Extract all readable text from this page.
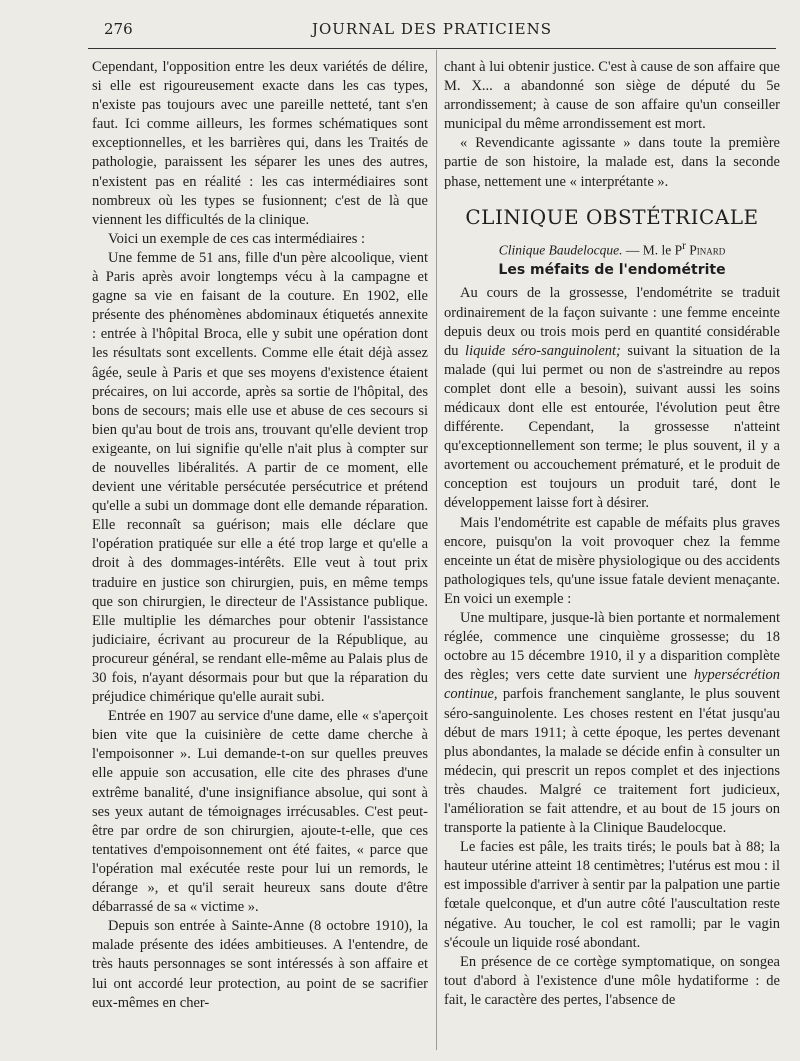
276	JOURNAL DES PRATICIENS

Cependant, l'opposition entre les deux variétés de délire, si elle est rigoureusement exacte dans les cas types, n'existe pas toujours avec une pareille netteté, tant s'en faut. Ici comme ailleurs, les formes schématiques sont exceptionnelles, et les barrières qui, dans les Traités de pathologie, paraissent les séparer les unes des autres, n'existent pas en réalité : les cas intermédiaires sont nombreux où les types se fusionnent; c'est de là que viennent les difficultés de la clinique.

Voici un exemple de ces cas intermédiaires :

Une femme de 51 ans, fille d'un père alcoolique, vient à Paris après avoir longtemps vécu à la campagne et gagne sa vie en faisant de la couture. En 1902, elle présente des phénomènes abdominaux étiquetés annexite : entrée à l'hôpital Broca, elle y subit une opération dont les résultats sont excellents. Comme elle était déjà assez âgée, seule à Paris et que ses moyens d'existence étaient précaires, on lui accorde, après sa sortie de l'hôpital, des bons de secours; mais elle use et abuse de ces secours si bien qu'au bout de trois ans, trouvant qu'elle devient trop exigeante, on lui signifie qu'elle n'ait plus à compter sur de nouvelles libéralités. A partir de ce moment, elle devient une véritable persécutée persécutrice et prétend qu'elle a subi un dommage dont elle demande réparation. Elle reconnaît sa guérison; mais elle déclare que l'opération pratiquée sur elle a été trop large et qu'elle a droit à des dommages-intérêts. Elle veut à tout prix traduire en justice son chirurgien, puis, en même temps que son chirurgien, le directeur de l'Assistance publique. Elle multiplie les démarches pour obtenir l'assistance judiciaire, écrivant au procureur de la République, au procureur général, se rendant elle-même au Palais plus de 30 fois, n'ayant désormais pour but que la réparation du préjudice chimérique qu'elle aurait subi.

Entrée en 1907 au service d'une dame, elle « s'aperçoit bien vite que la cuisinière de cette dame cherche à l'empoisonner ». Lui demande-t-on sur quelles preuves elle appuie son accusation, elle cite des phrases d'une extrême banalité, d'une insignifiance absolue, qui sont à ses yeux autant de témoignages irrécusables. C'est peut-être par ordre de son chirurgien, ajoute-t-elle, que ces tentatives d'empoisonnement ont été faites, « parce que l'opération mal exécutée reste pour lui un remords, le dérange », et qu'il serait heureux sans doute d'être débarrassé de sa « victime ».

Depuis son entrée à Sainte-Anne (8 octobre 1910), la malade présente des idées ambitieuses. A l'entendre, de très hauts personnages se sont intéressés à son affaire et lui ont accordé leur protection, au point de se sacrifier eux-mêmes en cher-

chant à lui obtenir justice. C'est à cause de son affaire que M. X... a abandonné son siège de député du 5e arrondissement; à cause de son affaire qu'un conseiller municipal du même arrondissement est mort.

« Revendicante agissante » dans toute la première partie de son histoire, la malade est, dans la seconde phase, nettement une « interprétante ».

CLINIQUE OBSTÉTRICALE

Clinique Baudelocque. — M. le $P^r$ Pinard

Les méfaits de l'endométrite

Au cours de la grossesse, l'endométrite se traduit ordinairement de la façon suivante : une femme enceinte depuis deux ou trois mois perd en quantité considérable du liquide séro-sanguinolent; suivant la situation de la malade (qui lui permet ou non de s'astreindre au repos complet dont elle a besoin), suivant aussi les soins médicaux dont elle est entourée, l'évolution peut être différente. Cependant, la grossesse n'atteint qu'exceptionnellement son terme; le plus souvent, il y a avortement ou accouchement prématuré, et le produit de conception est toujours un produit taré, dont le développement laisse fort à désirer.

Mais l'endométrite est capable de méfaits plus graves encore, puisqu'on la voit provoquer chez la femme enceinte un état de misère physiologique ou des accidents pathologiques tels, qu'une issue fatale devient menaçante. En voici un exemple :

Une multipare, jusque-là bien portante et normalement réglée, commence une cinquième grossesse; du 18 octobre au 15 décembre 1910, il y a disparition complète des règles; vers cette date survient une hypersécrétion continue, parfois franchement sanglante, le plus souvent séro-sanguinolente. Les choses restent en l'état jusqu'au début de mars 1911; à cette époque, les pertes devenant plus abondantes, la malade se décide enfin à consulter un médecin, qui prescrit un repos complet et des injections très chaudes. Malgré ce traitement fort judicieux, l'amélioration se fait attendre, et au bout de 15 jours on transporte la patiente à la Clinique Baudelocque.

Le facies est pâle, les traits tirés; le pouls bat à 88; la hauteur utérine atteint 18 centimètres; l'utérus est mou : il est impossible d'arriver à sentir par la palpation une partie fœtale quelconque, et d'un autre côté l'auscultation reste négative. Au toucher, le col est ramolli; par le vagin s'écoule un liquide rosé abondant.

En présence de ce cortège symptomatique, on songea tout d'abord à l'existence d'une môle hydatiforme : de fait, le caractère des pertes, l'absence de
